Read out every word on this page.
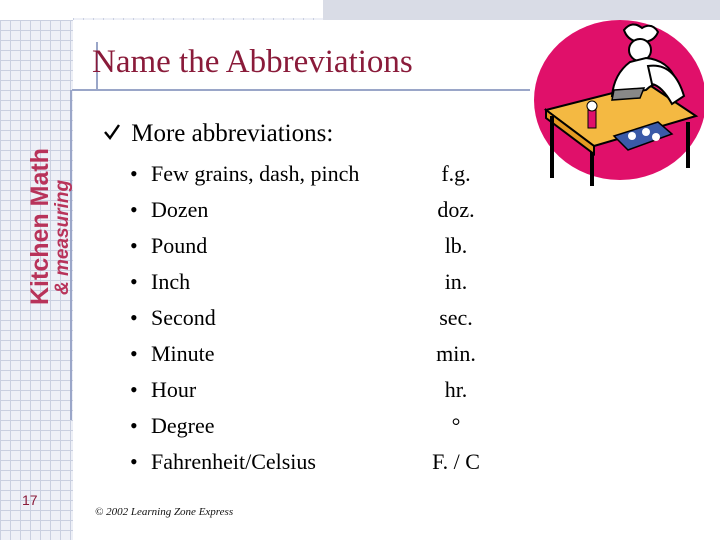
Name the Abbreviations
More abbreviations:
• Few grains, dash, pinch	f.g.
• Dozen	doz.
• Pound	lb.
• Inch	in.
• Second	sec.
• Minute	min.
• Hour	hr.
• Degree	°
• Fahrenheit/Celsius	F. / C
Kitchen Math
& measuring
17
© 2002 Learning Zone Express
